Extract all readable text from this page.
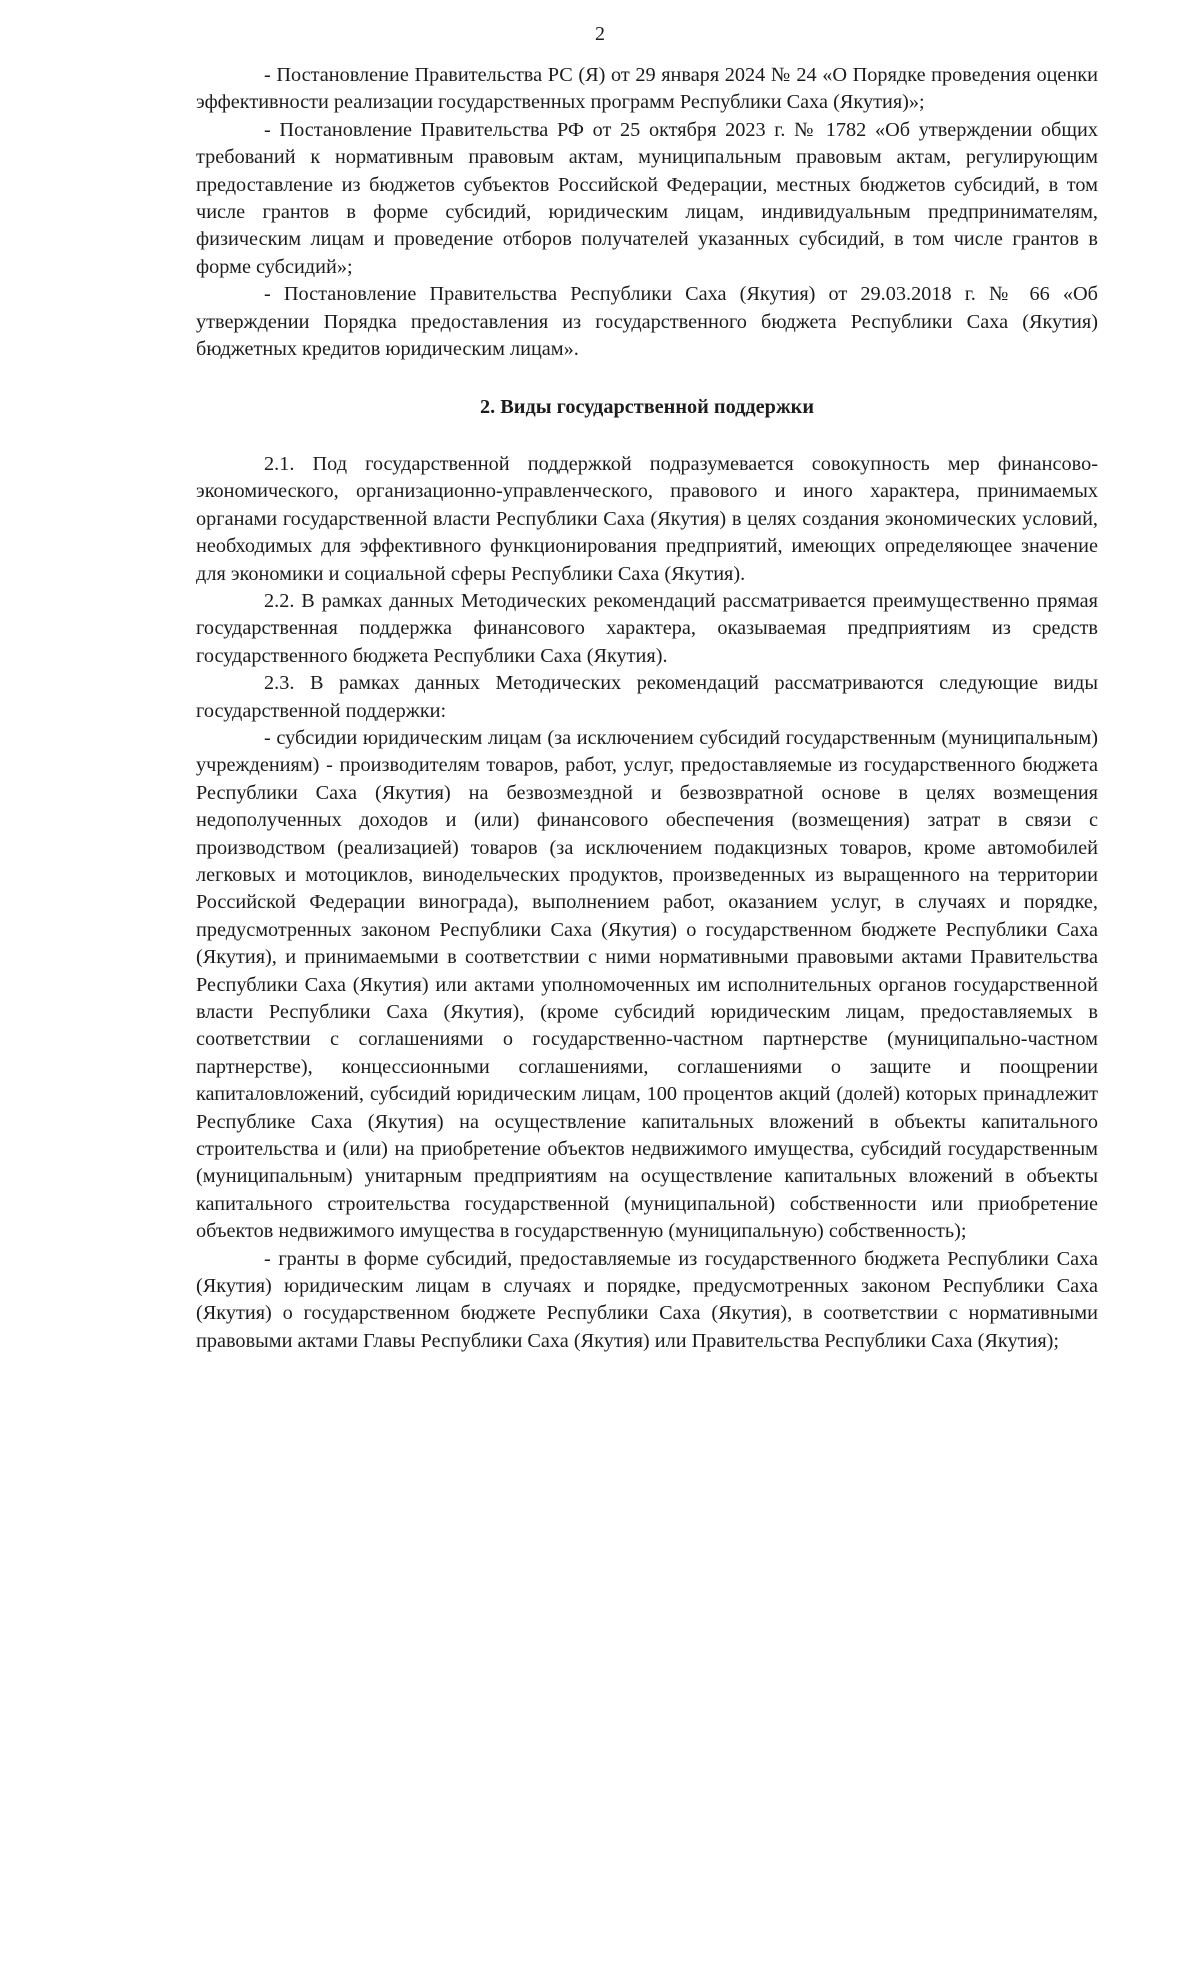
2

- Постановление Правительства РС (Я) от 29 января 2024 № 24 «О Порядке проведения оценки эффективности реализации государственных программ Республики Саха (Якутия)»;

- Постановление Правительства РФ от 25 октября 2023 г. № 1782 «Об утверждении общих требований к нормативным правовым актам, муниципальным правовым актам, регулирующим предоставление из бюджетов субъектов Российской Федерации, местных бюджетов субсидий, в том числе грантов в форме субсидий, юридическим лицам, индивидуальным предпринимателям, физическим лицам и проведение отборов получателей указанных субсидий, в том числе грантов в форме субсидий»;

- Постановление Правительства Республики Саха (Якутия) от 29.03.2018 г. № 66 «Об утверждении Порядка предоставления из государственного бюджета Республики Саха (Якутия) бюджетных кредитов юридическим лицам».

2. Виды государственной поддержки

2.1. Под государственной поддержкой подразумевается совокупность мер финансово-экономического, организационно-управленческого, правового и иного характера, принимаемых органами государственной власти Республики Саха (Якутия) в целях создания экономических условий, необходимых для эффективного функционирования предприятий, имеющих определяющее значение для экономики и социальной сферы Республики Саха (Якутия).

2.2. В рамках данных Методических рекомендаций рассматривается преимущественно прямая государственная поддержка финансового характера, оказываемая предприятиям из средств государственного бюджета Республики Саха (Якутия).

2.3. В рамках данных Методических рекомендаций рассматриваются следующие виды государственной поддержки:

- субсидии юридическим лицам (за исключением субсидий государственным (муниципальным) учреждениям) - производителям товаров, работ, услуг, предоставляемые из государственного бюджета Республики Саха (Якутия) на безвозмездной и безвозвратной основе в целях возмещения недополученных доходов и (или) финансового обеспечения (возмещения) затрат в связи с производством (реализацией) товаров (за исключением подакцизных товаров, кроме автомобилей легковых и мотоциклов, винодельческих продуктов, произведенных из выращенного на территории Российской Федерации винограда), выполнением работ, оказанием услуг, в случаях и порядке, предусмотренных законом Республики Саха (Якутия) о государственном бюджете Республики Саха (Якутия), и принимаемыми в соответствии с ними нормативными правовыми актами Правительства Республики Саха (Якутия) или актами уполномоченных им исполнительных органов государственной власти Республики Саха (Якутия), (кроме субсидий юридическим лицам, предоставляемых в соответствии с соглашениями о государственно-частном партнерстве (муниципально-частном партнерстве), концессионными соглашениями, соглашениями о защите и поощрении капиталовложений, субсидий юридическим лицам, 100 процентов акций (долей) которых принадлежит Республике Саха (Якутия) на осуществление капитальных вложений в объекты капитального строительства и (или) на приобретение объектов недвижимого имущества, субсидий государственным (муниципальным) унитарным предприятиям на осуществление капитальных вложений в объекты капитального строительства государственной (муниципальной) собственности или приобретение объектов недвижимого имущества в государственную (муниципальную) собственность);

- гранты в форме субсидий, предоставляемые из государственного бюджета Республики Саха (Якутия) юридическим лицам в случаях и порядке, предусмотренных законом Республики Саха (Якутия) о государственном бюджете Республики Саха (Якутия), в соответствии с нормативными правовыми актами Главы Республики Саха (Якутия) или Правительства Республики Саха (Якутия);
